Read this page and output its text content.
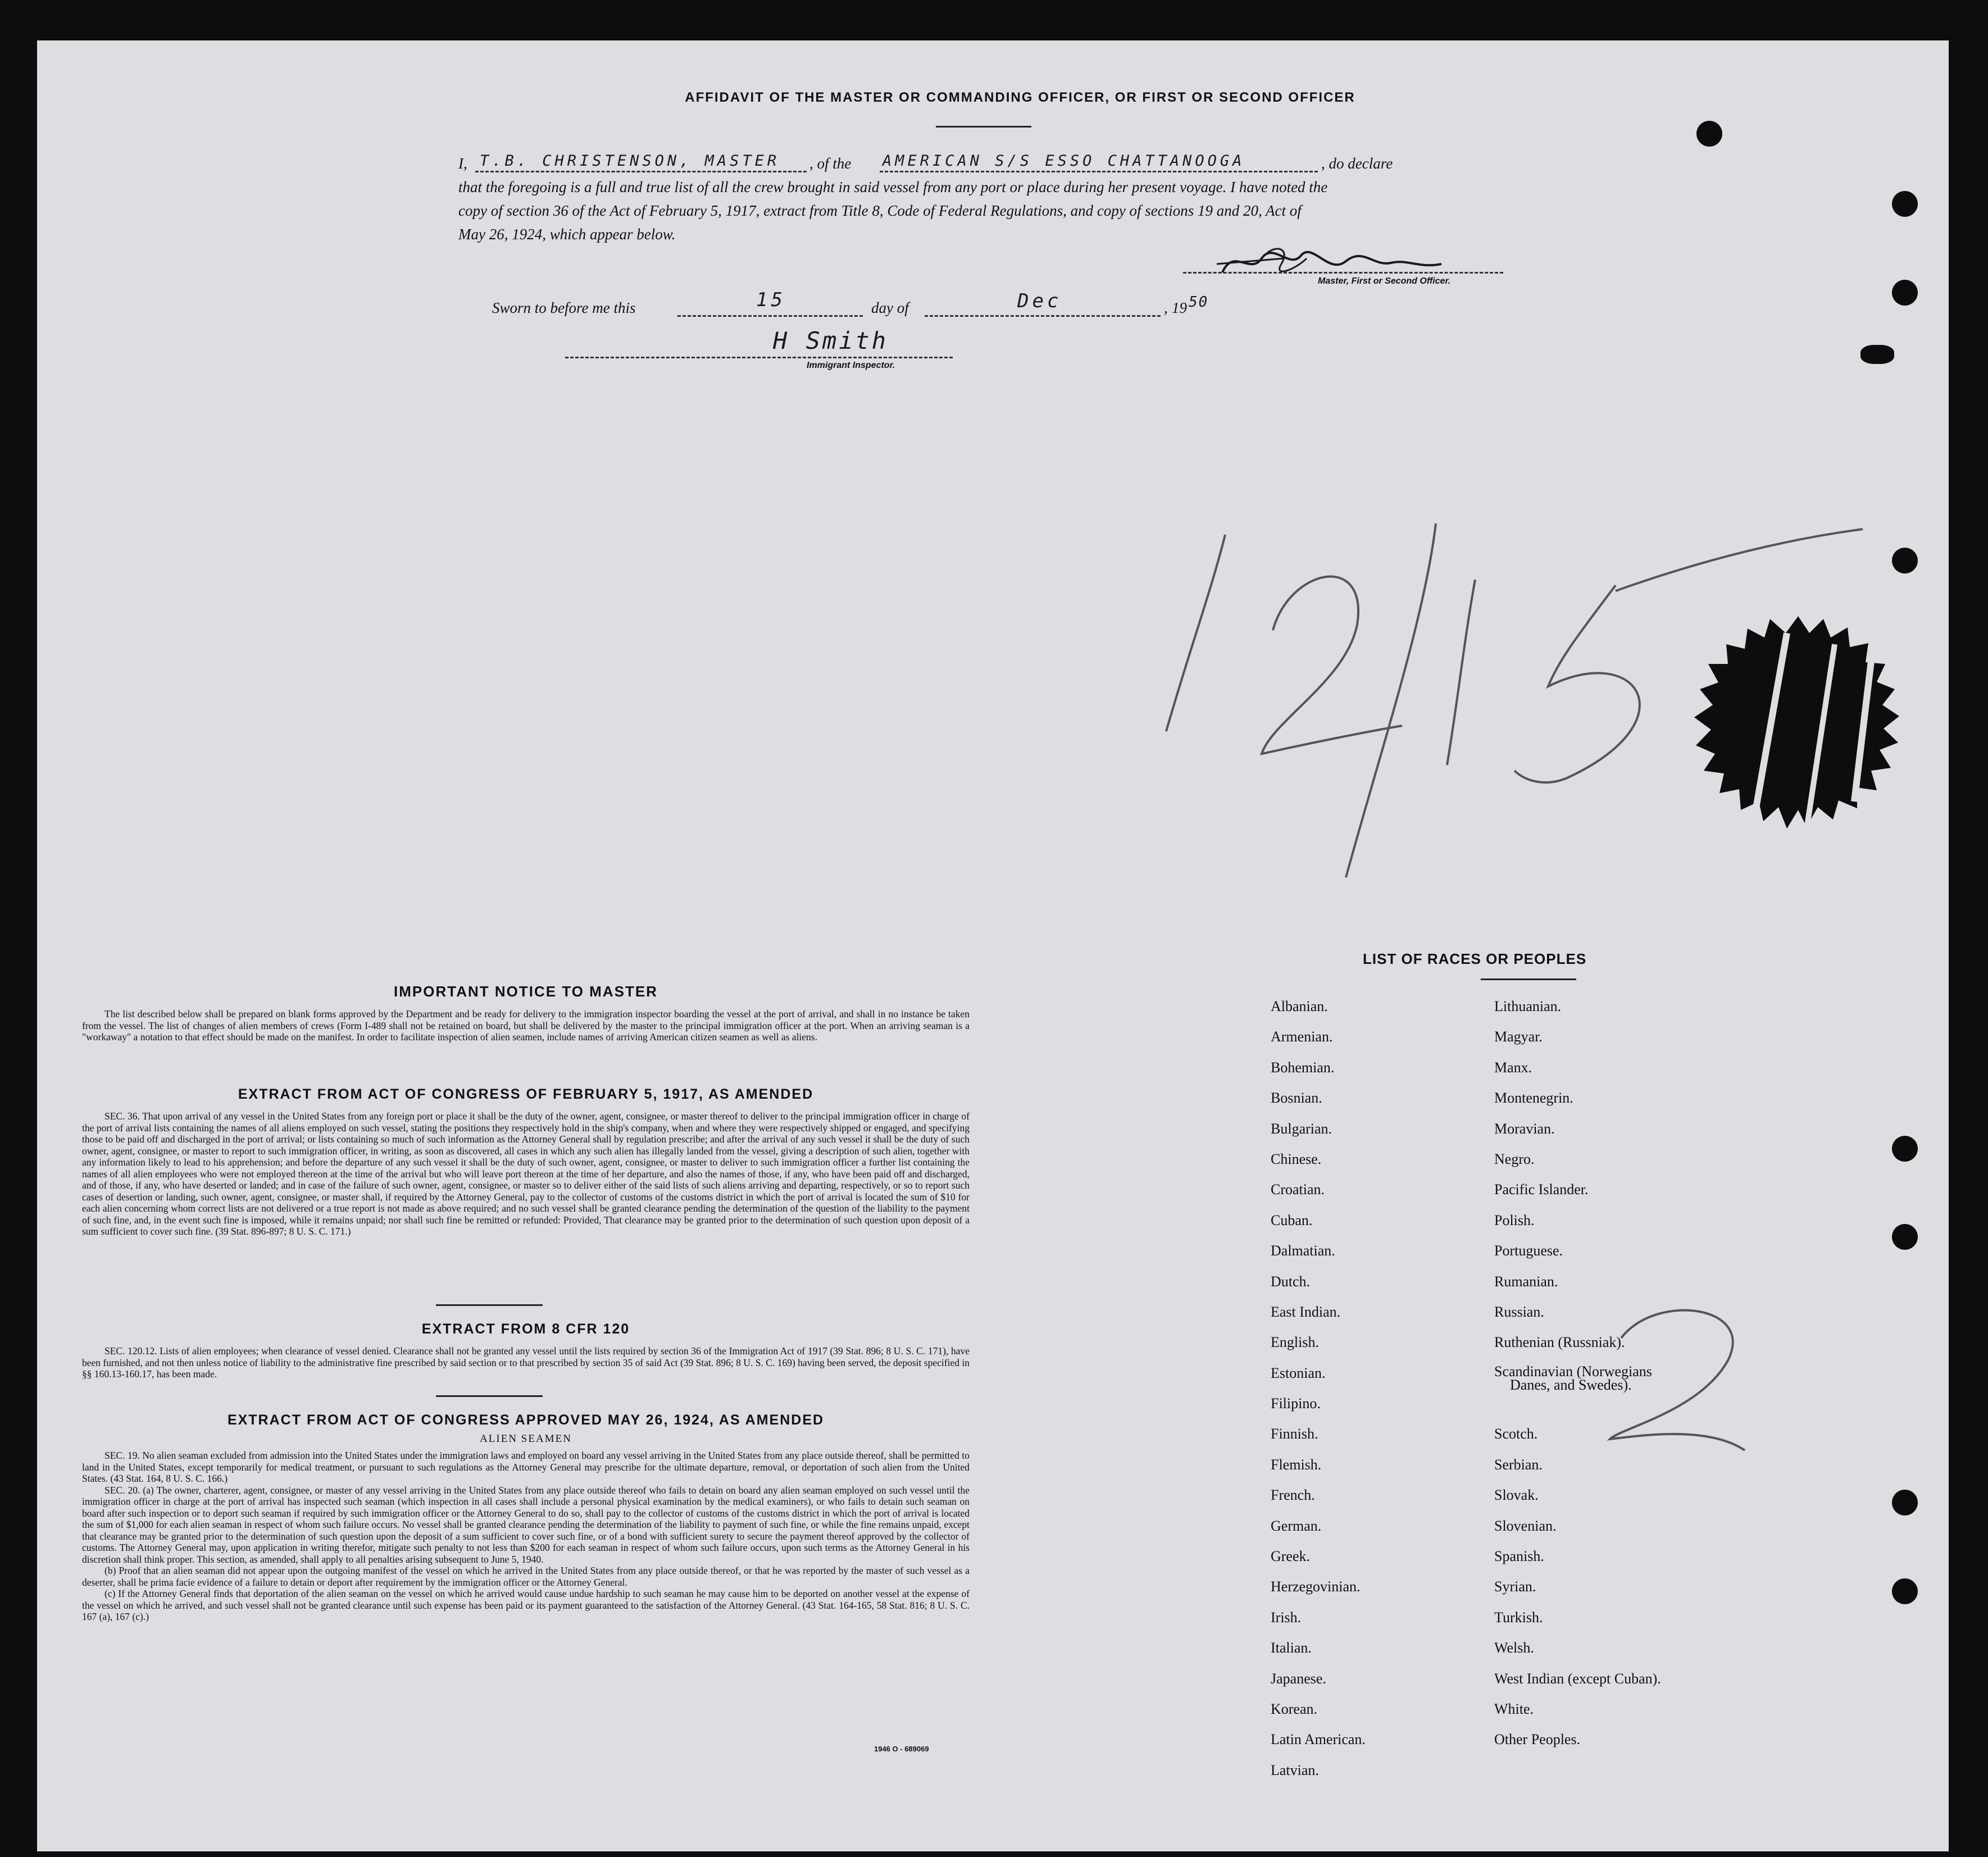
AFFIDAVIT OF THE MASTER OR COMMANDING OFFICER, OR FIRST OR SECOND OFFICER
I, T.B. CHRISTENSON, MASTER , of the AMERICAN S/S ESSO CHATTANOOGA	, do declare
that the foregoing is a full and true list of all the crew brought in said vessel from any port or place during her present voyage. I have noted the
copy of section 36 of the Act of February 5, 1917, extract from Title 8, Code of Federal Regulations, and copy of sections 19 and 20, Act of
May 26, 1924, which appear below.
Master, First or Second Officer.
Sworn to before me this	15	day of	Dec	, 19 50
H Smith
Immigrant Inspector.
IMPORTANT NOTICE TO MASTER

The list described below shall be prepared on blank forms approved by the Department and be ready for delivery to the immigration inspector boarding the vessel at the port of arrival, and shall in no instance be taken from the vessel. The list of changes of alien members of crews (Form I-489 shall not be retained on board, but shall be delivered by the master to the principal immigration officer at the port. When an arriving seaman is a "workaway" a notation to that effect should be made on the manifest. In order to facilitate inspection of alien seamen, include names of arriving American citizen seamen as well as aliens.

EXTRACT FROM ACT OF CONGRESS OF FEBRUARY 5, 1917, AS AMENDED

SEC. 36. That upon arrival of any vessel in the United States from any foreign port or place it shall be the duty of the owner, agent, consignee, or master thereof to deliver to the principal immigration officer in charge of the port of arrival lists containing the names of all aliens employed on such vessel, stating the positions they respectively hold in the ship's company, when and where they were respectively shipped or engaged, and specifying those to be paid off and discharged in the port of arrival; or lists containing so much of such information as the Attorney General shall by regulation prescribe; and after the arrival of any such vessel it shall be the duty of such owner, agent, consignee, or master to report to such immigration officer, in writing, as soon as discovered, all cases in which any such alien has illegally landed from the vessel, giving a description of such alien, together with any information likely to lead to his apprehension; and before the departure of any such vessel it shall be the duty of such owner, agent, consignee, or master to deliver to such immigration officer a further list containing the names of all alien employees who were not employed thereon at the time of the arrival but who will leave port thereon at the time of her departure, and also the names of those, if any, who have been paid off and discharged, and of those, if any, who have deserted or landed; and in case of the failure of such owner, agent, consignee, or master so to deliver either of the said lists of such aliens arriving and departing, respectively, or so to report such cases of desertion or landing, such owner, agent, consignee, or master shall, if required by the Attorney General, pay to the collector of customs of the customs district in which the port of arrival is located the sum of $10 for each alien concerning whom correct lists are not delivered or a true report is not made as above required; and no such vessel shall be granted clearance pending the determination of the question of the liability to the payment of such fine, and, in the event such fine is imposed, while it remains unpaid; nor shall such fine be remitted or refunded: Provided, That clearance may be granted prior to the determination of such question upon deposit of a sum sufficient to cover such fine. (39 Stat. 896-897; 8 U. S. C. 171.)

EXTRACT FROM 8 CFR 120

SEC. 120.12. Lists of alien employees; when clearance of vessel denied. Clearance shall not be granted any vessel until the lists required by section 36 of the Immigration Act of 1917 (39 Stat. 896; 8 U. S. C. 171), have been furnished, and not then unless notice of liability to the administrative fine prescribed by said section or to that prescribed by section 35 of said Act (39 Stat. 896; 8 U. S. C. 169) having been served, the deposit specified in §§ 160.13-160.17, has been made.

EXTRACT FROM ACT OF CONGRESS APPROVED MAY 26, 1924, AS AMENDED
ALIEN SEAMEN

SEC. 19. No alien seaman excluded from admission into the United States under the immigration laws and employed on board any vessel arriving in the United States from any place outside thereof, shall be permitted to land in the United States, except temporarily for medical treatment, or pursuant to such regulations as the Attorney General may prescribe for the ultimate departure, removal, or deportation of such alien from the United States. (43 Stat. 164, 8 U. S. C. 166.)

SEC. 20. (a) The owner, charterer, agent, consignee, or master of any vessel arriving in the United States from any place outside thereof who fails to detain on board any alien seaman employed on such vessel until the immigration officer in charge at the port of arrival has inspected such seaman (which inspection in all cases shall include a personal physical examination by the medical examiners), or who fails to detain such seaman on board after such inspection or to deport such seaman if required by such immigration officer or the Attorney General to do so, shall pay to the collector of customs of the customs district in which the port of arrival is located the sum of $1,000 for each alien seaman in respect of whom such failure occurs. No vessel shall be granted clearance pending the determination of the liability to payment of such fine, or while the fine remains unpaid, except that clearance may be granted prior to the determination of such question upon the deposit of a sum sufficient to cover such fine, or of a bond with sufficient surety to secure the payment thereof approved by the collector of customs. The Attorney General may, upon application in writing therefor, mitigate such penalty to not less than $200 for each seaman in respect of whom such failure occurs, upon such terms as the Attorney General in his discretion shall think proper. This section, as amended, shall apply to all penalties arising subsequent to June 5, 1940.

(b) Proof that an alien seaman did not appear upon the outgoing manifest of the vessel on which he arrived in the United States from any place outside thereof, or that he was reported by the master of such vessel as a deserter, shall be prima facie evidence of a failure to detain or deport after requirement by the immigration officer or the Attorney General.

(c) If the Attorney General finds that deportation of the alien seaman on the vessel on which he arrived would cause undue hardship to such seaman he may cause him to be deported on another vessel at the expense of the vessel on which he arrived, and such vessel shall not be granted clearance until such expense has been paid or its payment guaranteed to the satisfaction of the Attorney General. (43 Stat. 164-165, 58 Stat. 816; 8 U. S. C. 167 (a), 167 (c).)

1946 O - 689069
LIST OF RACES OR PEOPLES
Albanian.
Armenian.
Bohemian.
Bosnian.
Bulgarian.
Chinese.
Croatian.
Cuban.
Dalmatian.
Dutch.
East Indian.
English.
Estonian.
Filipino.
Finnish.
Flemish.
French.
German.
Greek.
Herzegovinian.
Irish.
Italian.
Japanese.
Korean.
Latin American.
Latvian.
Lithuanian.
Magyar.
Manx.
Montenegrin.
Moravian.
Negro.
Pacific Islander.
Polish.
Portuguese.
Rumanian.
Russian.
Ruthenian (Russniak).
Scandinavian (Norwegians
Danes, and Swedes).
Scotch.
Serbian.
Slovak.
Slovenian.
Spanish.
Syrian.
Turkish.
Welsh.
West Indian (except Cuban).
White.
Other Peoples.
